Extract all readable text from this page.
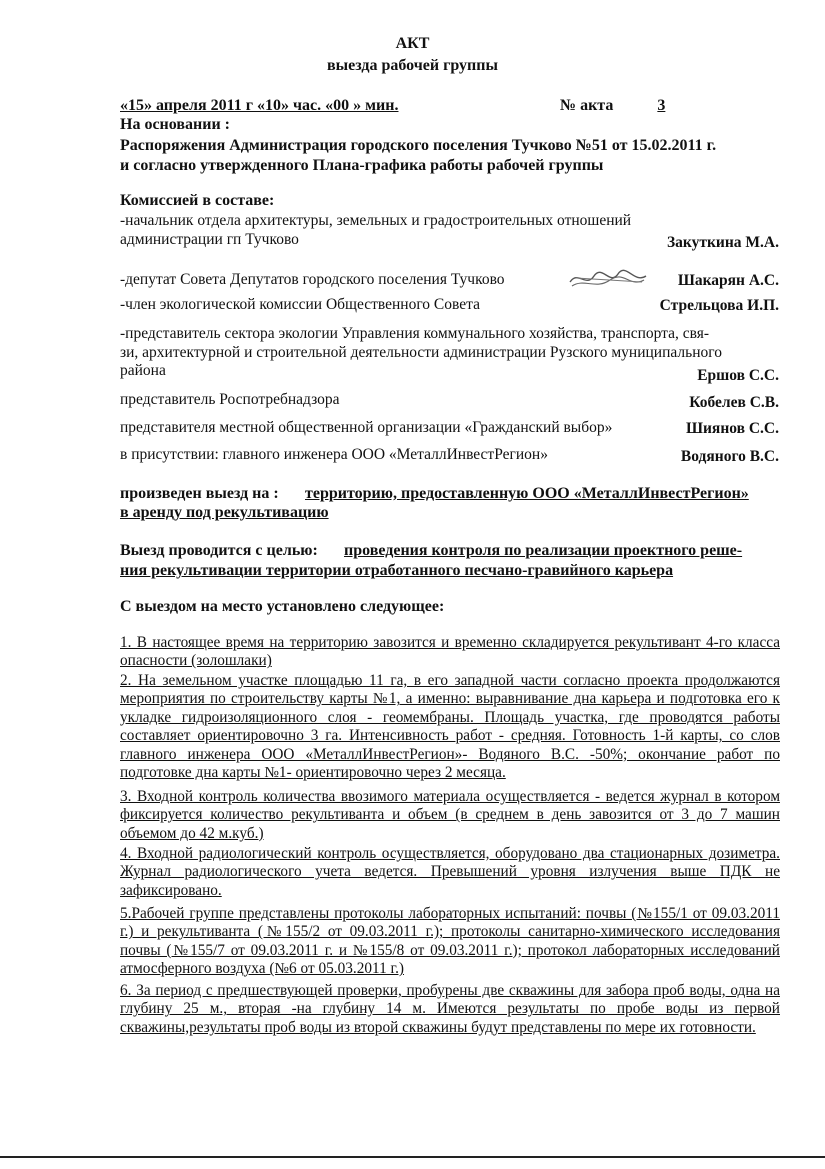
АКТ
выезда рабочей группы
«15» апреля 2011 г «10» час. «00 » мин.	№ акта	3
На основании :
Распоряжения Администрация городского поселения Тучково №51 от 15.02.2011 г.
и согласно утвержденного Плана-графика работы рабочей группы
Комиссией в составе:
-начальник отдела архитектуры, земельных и градостроительных отношений
администрации гп Тучково	Закуткина М.А.
-депутат Совета Депутатов городского поселения Тучково	Шакарян А.С.
-член экологической комиссии Общественного Совета	Стрельцова И.П.
-представитель сектора экологии Управления коммунального хозяйства, транспорта, свя-
зи, архитектурной и строительной деятельности администрации Рузского муниципального
района	Ершов С.С.
представитель Роспотребнадзора	Кобелев С.В.
представителя местной общественной организации «Гражданский выбор»	Шиянов С.С.
в присутствии: главного инженера ООО «МеталлИнвестРегион»	Водяного В.С.
произведен выезд на : территорию, предоставленную ООО «МеталлИнвестРегион»
в аренду под рекультивацию
Выезд проводится с целью: проведения контроля по реализации проектного реше-
ния рекультивации территории отработанного песчано-гравийного карьера
С выездом на место установлено следующее:
1. В настоящее время на территорию завозится и временно складируется рекультивант 4-го класса опасности (золошлаки)
2. На земельном участке площадью 11 га, в его западной части согласно проекта продолжаются мероприятия по строительству карты №1, а именно: выравнивание дна карьера и подготовка его к укладке гидроизоляционного слоя - геомембраны. Площадь участка, где проводятся работы составляет ориентировочно 3 га. Интенсивность работ - средняя. Готовность 1-й карты, со слов главного инженера ООО «МеталлИнвестРегион»- Водяного В.С. -50%; окончание работ по подготовке дна карты №1- ориентировочно через 2 месяца.
3. Входной контроль количества ввозимого материала осуществляется - ведется журнал в котором фиксируется количество рекультиванта и объем (в среднем в день завозится от 3 до 7 машин объемом до 42 м.куб.)
4. Входной радиологический контроль осуществляется, оборудовано два стационарных дозиметра. Журнал радиологического учета ведется. Превышений уровня излучения выше ПДК не зафиксировано.
5.Рабочей группе представлены протоколы лабораторных испытаний: почвы (№155/1 от 09.03.2011 г.) и рекультиванта (№155/2 от 09.03.2011 г.); протоколы санитарно-химического исследования почвы (№155/7 от 09.03.2011 г. и №155/8 от 09.03.2011 г.); протокол лабораторных исследований атмосферного воздуха (№6 от 05.03.2011 г.)
6. За период с предшествующей проверки, пробурены две скважины для забора проб воды, одна на глубину 25 м., вторая -на глубину 14 м. Имеются результаты по пробе воды из первой скважины,результаты проб воды из второй скважины будут представлены по мере их готовности.
